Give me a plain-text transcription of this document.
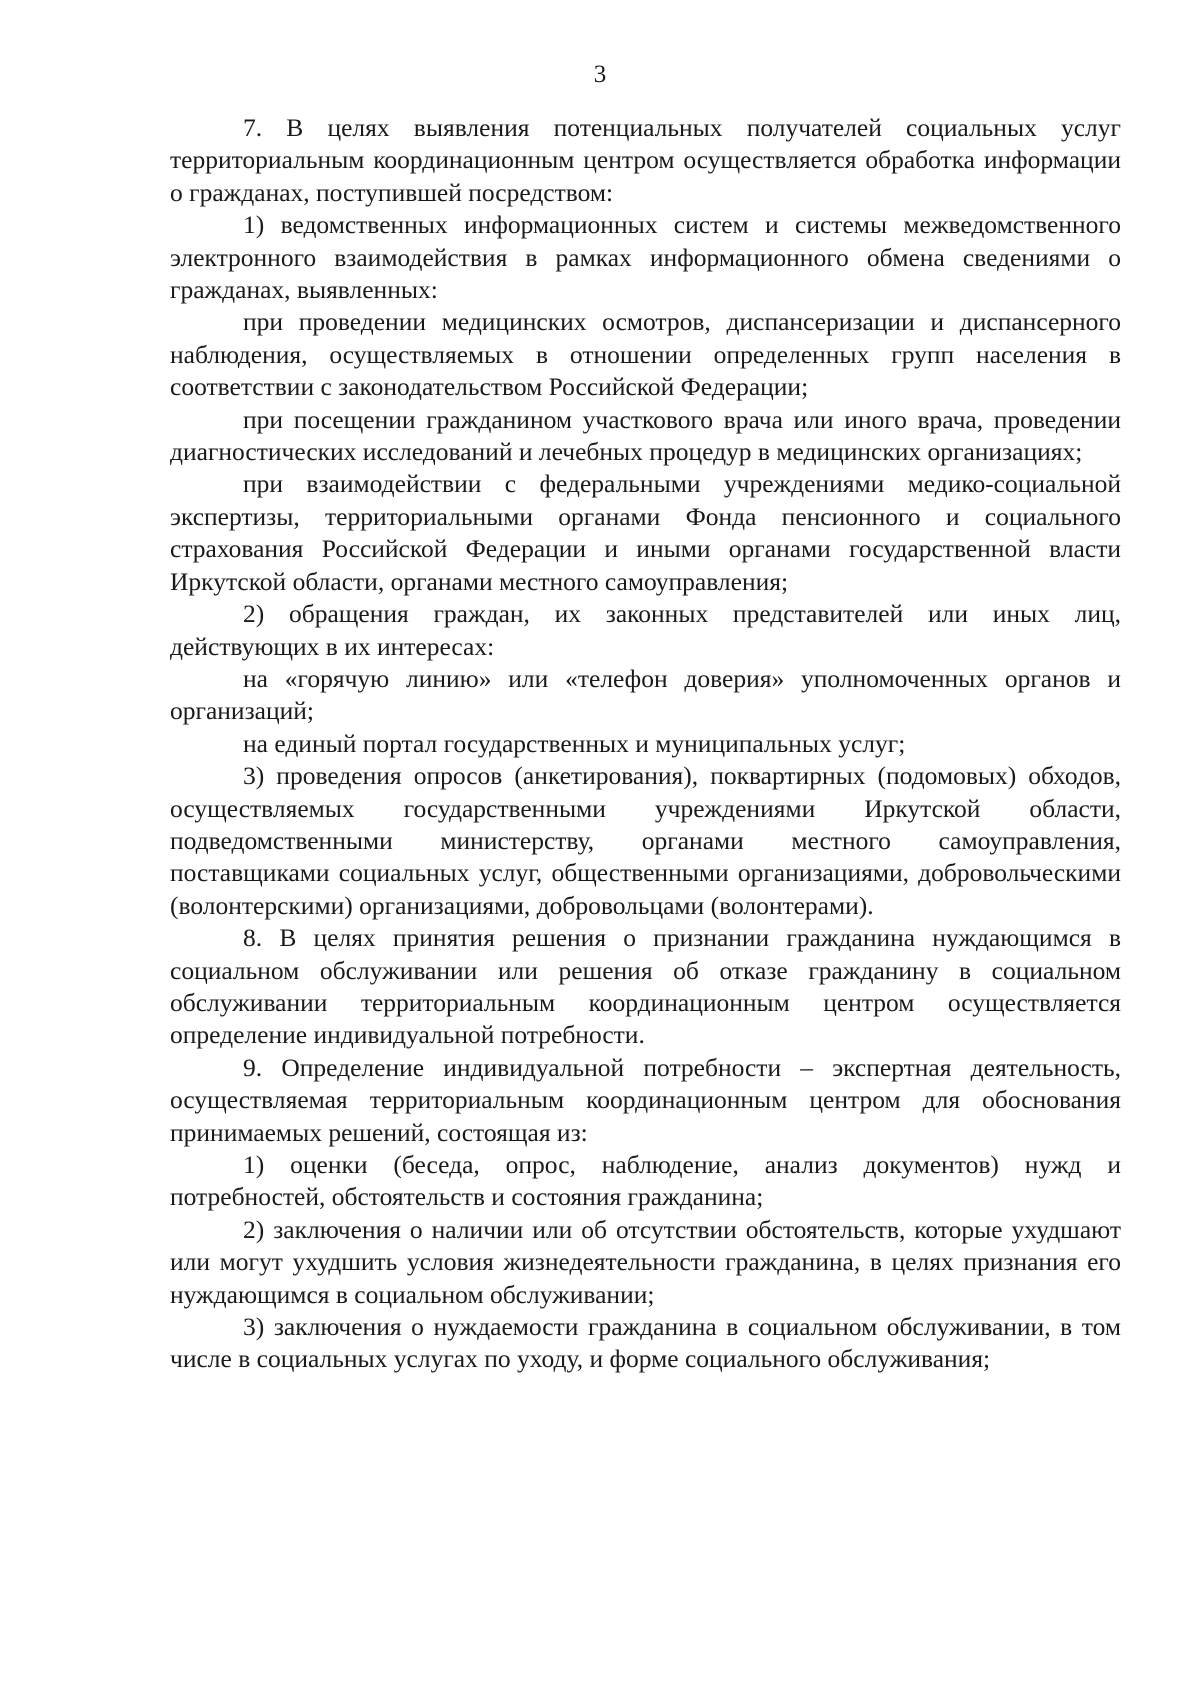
3

7. В целях выявления потенциальных получателей социальных услуг территориальным координационным центром осуществляется обработка информации о гражданах, поступившей посредством:

1) ведомственных информационных систем и системы межведомственного электронного взаимодействия в рамках информационного обмена сведениями о гражданах, выявленных:

при проведении медицинских осмотров, диспансеризации и диспансерного наблюдения, осуществляемых в отношении определенных групп населения в соответствии с законодательством Российской Федерации;

при посещении гражданином участкового врача или иного врача, проведении диагностических исследований и лечебных процедур в медицинских организациях;

при взаимодействии с федеральными учреждениями медико-социальной экспертизы, территориальными органами Фонда пенсионного и социального страхования Российской Федерации и иными органами государственной власти Иркутской области, органами местного самоуправления;

2) обращения граждан, их законных представителей или иных лиц, действующих в их интересах:

на «горячую линию» или «телефон доверия» уполномоченных органов и организаций;

на единый портал государственных и муниципальных услуг;

3) проведения опросов (анкетирования), поквартирных (подомовых) обходов, осуществляемых государственными учреждениями Иркутской области, подведомственными министерству, органами местного самоуправления, поставщиками социальных услуг, общественными организациями, добровольческими (волонтерскими) организациями, добровольцами (волонтерами).

8. В целях принятия решения о признании гражданина нуждающимся в социальном обслуживании или решения об отказе гражданину в социальном обслуживании территориальным координационным центром осуществляется определение индивидуальной потребности.

9. Определение индивидуальной потребности – экспертная деятельность, осуществляемая территориальным координационным центром для обоснования принимаемых решений, состоящая из:

1) оценки (беседа, опрос, наблюдение, анализ документов) нужд и потребностей, обстоятельств и состояния гражданина;

2) заключения о наличии или об отсутствии обстоятельств, которые ухудшают или могут ухудшить условия жизнедеятельности гражданина, в целях признания его нуждающимся в социальном обслуживании;

3) заключения о нуждаемости гражданина в социальном обслуживании, в том числе в социальных услугах по уходу, и форме социального обслуживания;
